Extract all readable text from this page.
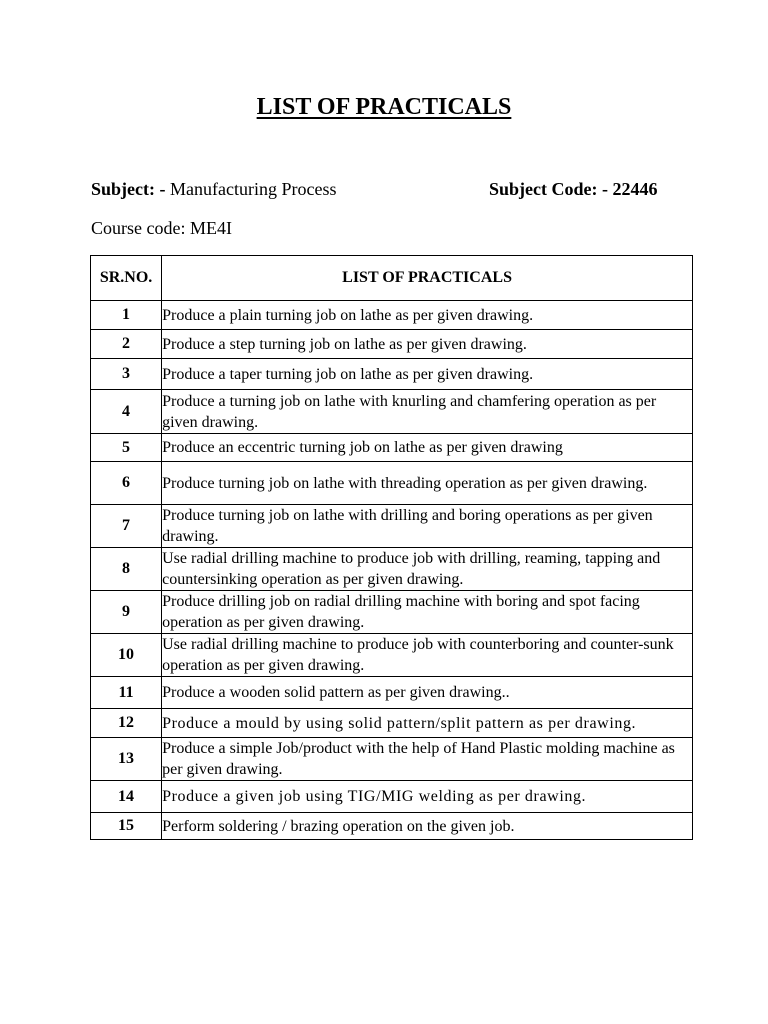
LIST OF PRACTICALS
Subject: - Manufacturing Process	Subject Code: - 22446
Course code: ME4I
SR.NO.	LIST OF PRACTICALS
1	Produce a plain turning job on lathe as per given drawing.
2	Produce a step turning job on lathe as per given drawing.
3	Produce a taper turning job on lathe as per given drawing.
4	Produce a turning job on lathe with knurling and chamfering operation as per given drawing.
5	Produce an eccentric turning job on lathe as per given drawing
6	Produce turning job on lathe with threading operation as per given drawing.
7	Produce turning job on lathe with drilling and boring operations as per given drawing.
8	Use radial drilling machine to produce job with drilling, reaming, tapping and countersinking operation as per given drawing.
9	Produce drilling job on radial drilling machine with boring and spot facing operation as per given drawing.
10	Use radial drilling machine to produce job with counterboring and counter-sunk operation as per given drawing.
11	Produce a wooden solid pattern as per given drawing..
12	Produce a mould by using solid pattern/split pattern as per drawing.
13	Produce a simple Job/product with the help of Hand Plastic molding machine as per given drawing.
14	Produce a given job using TIG/MIG welding as per drawing.
15	Perform soldering / brazing operation on the given job.
